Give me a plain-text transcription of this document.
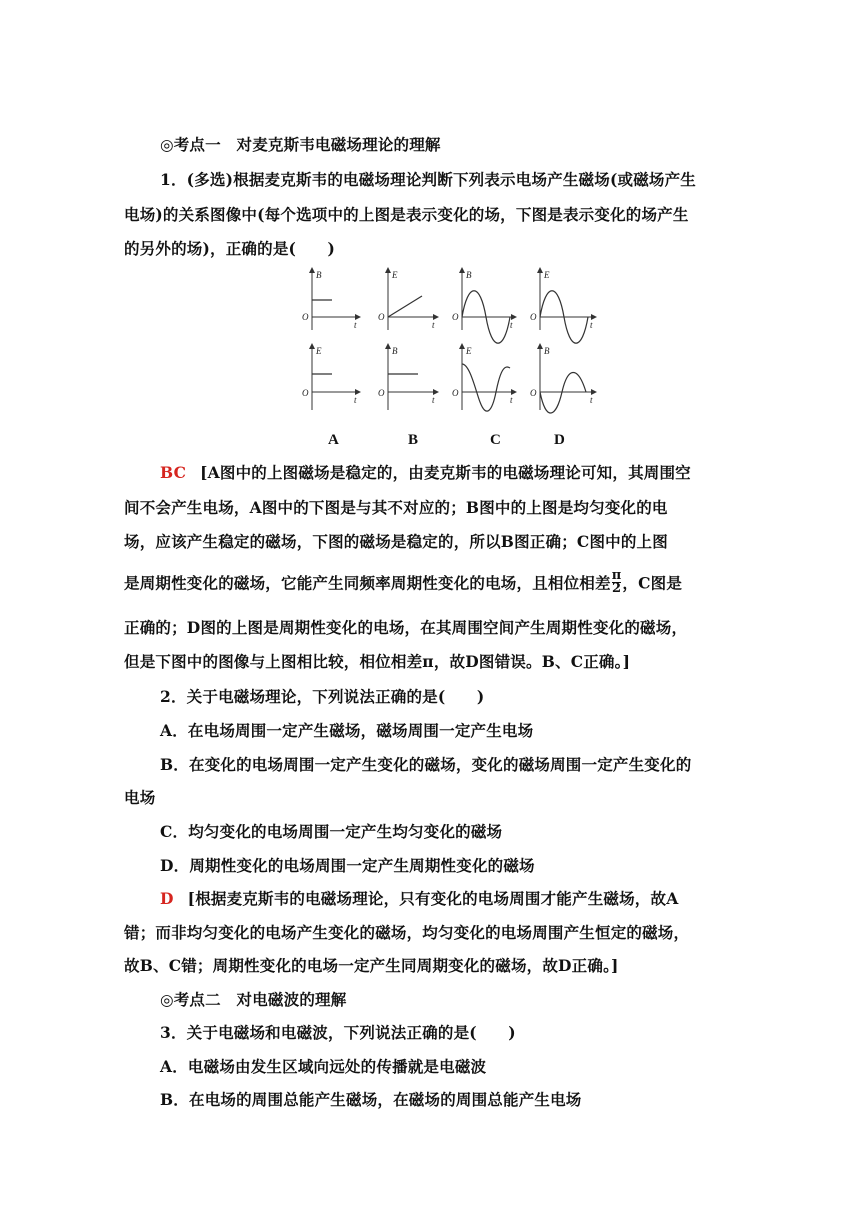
◎考点一　对麦克斯韦电磁场理论的理解
1．(多选)根据麦克斯韦的电磁场理论判断下列表示电场产生磁场(或磁场产生
电场)的关系图像中(每个选项中的上图是表示变化的场，下图是表示变化的场产生
的另外的场)，正确的是(　　)
B	E	B	E
E	B	E	B
O	O	O	O
O	O	O	O
t	t	t	t
t	t	t	t
A	B	C	D
BC [A图中的上图磁场是稳定的，由麦克斯韦的电磁场理论可知，其周围空
间不会产生电场，A图中的下图是与其不对应的；B图中的上图是均匀变化的电
场，应该产生稳定的磁场，下图的磁场是稳定的，所以B图正确；C图中的上图
是周期性变化的磁场，它能产生同频率周期性变化的电场，且相位相差 $\frac{\pi}{2}$ ，C图是
正确的；D图的上图是周期性变化的电场，在其周围空间产生周期性变化的磁场，
但是下图中的图像与上图相比较，相位相差π，故D图错误。B、C正确。]
2．关于电磁场理论，下列说法正确的是(　　)
A．在电场周围一定产生磁场，磁场周围一定产生电场
B．在变化的电场周围一定产生变化的磁场，变化的磁场周围一定产生变化的
电场
C．均匀变化的电场周围一定产生均匀变化的磁场
D．周期性变化的电场周围一定产生周期性变化的磁场
D [根据麦克斯韦的电磁场理论，只有变化的电场周围才能产生磁场，故A
错；而非均匀变化的电场产生变化的磁场，均匀变化的电场周围产生恒定的磁场，
故B、C错；周期性变化的电场一定产生同周期变化的磁场，故D正确。]
◎考点二　对电磁波的理解
3．关于电磁场和电磁波，下列说法正确的是(　　)
A．电磁场由发生区域向远处的传播就是电磁波
B．在电场的周围总能产生磁场，在磁场的周围总能产生电场
